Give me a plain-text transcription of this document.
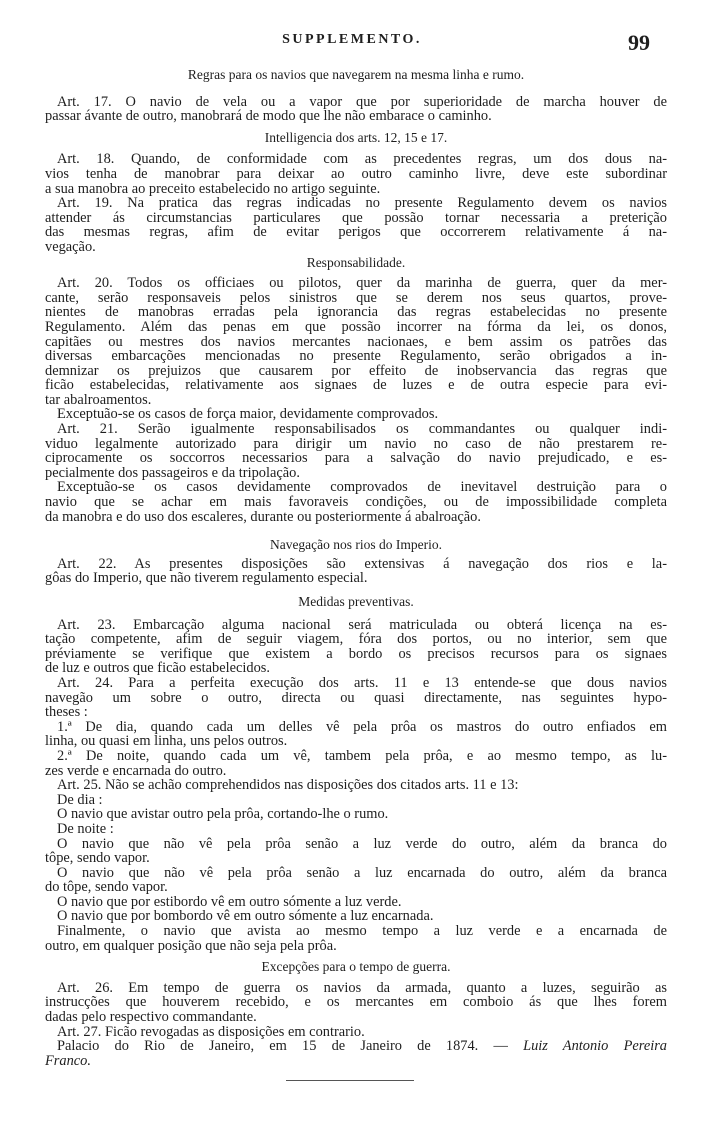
SUPPLEMENTO.	99
Regras para os navios que navegarem na mesma linha e rumo.
Art. 17. O navio de vela ou a vapor que por superioridade de marcha houver de
passar ávante de outro, manobrará de modo que lhe não embarace o caminho.
Intelligencia dos arts. 12, 15 e 17.
Art. 18. Quando, de conformidade com as precedentes regras, um dos dous na-
vios tenha de manobrar para deixar ao outro caminho livre, deve este subordinar
a sua manobra ao preceito estabelecido no artigo seguinte.
Art. 19. Na pratica das regras indicadas no presente Regulamento devem os navios
attender ás circumstancias particulares que possão tornar necessaria a preterição
das mesmas regras, afim de evitar perigos que occorrerem relativamente á na-
vegação.
Responsabilidade.
Art. 20. Todos os officiaes ou pilotos, quer da marinha de guerra, quer da mer-
cante, serão responsaveis pelos sinistros que se derem nos seus quartos, prove-
nientes de manobras erradas pela ignorancia das regras estabelecidas no presente
Regulamento. Além das penas em que possão incorrer na fórma da lei, os donos,
capitães ou mestres dos navios mercantes nacionaes, e bem assim os patrões das
diversas embarcações mencionadas no presente Regulamento, serão obrigados a in-
demnizar os prejuizos que causarem por effeito de inobservancia das regras que
ficão estabelecidas, relativamente aos signaes de luzes e de outra especie para evi-
tar abalroamentos.
Exceptuão-se os casos de força maior, devidamente comprovados.
Art. 21. Serão igualmente responsabilisados os commandantes ou qualquer indi-
viduo legalmente autorizado para dirigir um navio no caso de não prestarem re-
ciprocamente os soccorros necessarios para a salvação do navio prejudicado, e es-
pecialmente dos passageiros e da tripolação.
Exceptuão-se os casos devidamente comprovados de inevitavel destruição para o
navio que se achar em mais favoraveis condições, ou de impossibilidade completa
da manobra e do uso dos escaleres, durante ou posteriormente á abalroação.
Navegação nos rios do Imperio.
Art. 22. As presentes disposições são extensivas á navegação dos rios e la-
gôas do Imperio, que não tiverem regulamento especial.
Medidas preventivas.
Art. 23. Embarcação alguma nacional será matriculada ou obterá licença na es-
tação competente, afim de seguir viagem, fóra dos portos, ou no interior, sem que
préviamente se verifique que existem a bordo os precisos recursos para os signaes
de luz e outros que ficão estabelecidos.
Art. 24. Para a perfeita execução dos arts. 11 e 13 entende-se que dous navios
navegão um sobre o outro, directa ou quasi directamente, nas seguintes hypo-
theses :
1.ª De dia, quando cada um delles vê pela prôa os mastros do outro enfiados em
linha, ou quasi em linha, uns pelos outros.
2.ª De noite, quando cada um vê, tambem pela prôa, e ao mesmo tempo, as lu-
zes verde e encarnada do outro.
Art. 25. Não se achão comprehendidos nas disposições dos citados arts. 11 e 13:
De dia :
O navio que avistar outro pela prôa, cortando-lhe o rumo.
De noite :
O navio que não vê pela prôa senão a luz verde do outro, além da branca do
tôpe, sendo vapor.
O navio que não vê pela prôa senão a luz encarnada do outro, além da branca
do tôpe, sendo vapor.
O navio que por estibordo vê em outro sómente a luz verde.
O navio que por bombordo vê em outro sómente a luz encarnada.
Finalmente, o navio que avista ao mesmo tempo a luz verde e a encarnada de
outro, em qualquer posição que não seja pela prôa.
Excepções para o tempo de guerra.
Art. 26. Em tempo de guerra os navios da armada, quanto a luzes, seguirão as
instrucções que houverem recebido, e os mercantes em comboio ás que lhes forem
dadas pelo respectivo commandante.
Art. 27. Ficão revogadas as disposições em contrario.
Palacio do Rio de Janeiro, em 15 de Janeiro de 1874. — Luiz Antonio Pereira
Franco.
